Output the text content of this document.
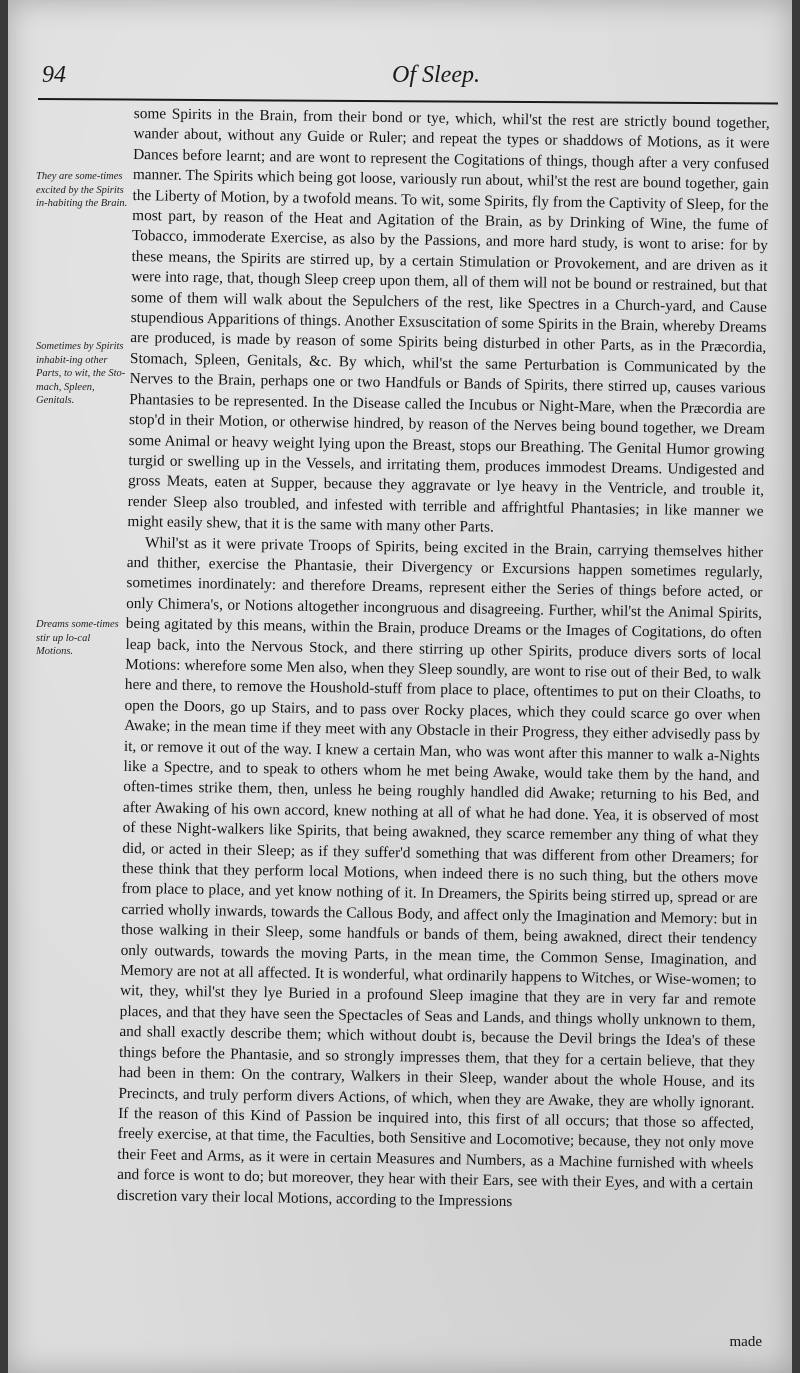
94	Of Sleep.
They are some-times excited by the Spirits in-habiting the Brain.
Sometimes by Spirits inhabit-ing other Parts, to wit, the Sto-mach, Spleen, Genitals.
Dreams some-times stir up lo-cal Motions.

some Spirits in the Brain, from their bond or tye, which, whil'st the rest are strictly bound together, wander about, without any Guide or Ruler; and repeat the types or shaddows of Motions, as it were Dances before learnt; and are wont to represent the Cogitations of things, though after a very confused manner. The Spirits which being got loose, variously run about, whil'st the rest are bound together, gain the Liberty of Motion, by a twofold means. To wit, some Spirits, fly from the Captivity of Sleep, for the most part, by reason of the Heat and Agitation of the Brain, as by Drinking of Wine, the fume of Tobacco, immoderate Exercise, as also by the Passions, and more hard study, is wont to arise: for by these means, the Spirits are stirred up, by a certain Stimulation or Provokement, and are driven as it were into rage, that, though Sleep creep upon them, all of them will not be bound or restrained, but that some of them will walk about the Sepulchers of the rest, like Spectres in a Church-yard, and Cause stupendious Apparitions of things. Another Exsuscitation of some Spirits in the Brain, whereby Dreams are produced, is made by reason of some Spirits being disturbed in other Parts, as in the Præcordia, Stomach, Spleen, Genitals, &c. By which, whil'st the same Perturbation is Communicated by the Nerves to the Brain, perhaps one or two Handfuls or Bands of Spirits, there stirred up, causes various Phantasies to be represented. In the Disease called the Incubus or Night-Mare, when the Præcordia are stop'd in their Motion, or otherwise hindred, by reason of the Nerves being bound together, we Dream some Animal or heavy weight lying upon the Breast, stops our Breathing. The Genital Humor growing turgid or swelling up in the Vessels, and irritating them, produces immodest Dreams. Undigested and gross Meats, eaten at Supper, because they aggravate or lye heavy in the Ventricle, and trouble it, render Sleep also troubled, and infested with terrible and affrightful Phantasies; in like manner we might easily shew, that it is the same with many other Parts.

Whil'st as it were private Troops of Spirits, being excited in the Brain, carrying themselves hither and thither, exercise the Phantasie, their Divergency or Excursions happen sometimes regularly, sometimes inordinately: and therefore Dreams, represent either the Series of things before acted, or only Chimera's, or Notions altogether incongruous and disagreeing. Further, whil'st the Animal Spirits, being agitated by this means, within the Brain, produce Dreams or the Images of Cogitations, do often leap back, into the Nervous Stock, and there stirring up other Spirits, produce divers sorts of local Motions: wherefore some Men also, when they Sleep soundly, are wont to rise out of their Bed, to walk here and there, to remove the Houshold-stuff from place to place, oftentimes to put on their Cloaths, to open the Doors, go up Stairs, and to pass over Rocky places, which they could scarce go over when Awake; in the mean time if they meet with any Obstacle in their Progress, they either advisedly pass by it, or remove it out of the way. I knew a certain Man, who was wont after this manner to walk a-Nights like a Spectre, and to speak to others whom he met being Awake, would take them by the hand, and often-times strike them, then, unless he being roughly handled did Awake; returning to his Bed, and after Awaking of his own accord, knew nothing at all of what he had done. Yea, it is observed of most of these Night-walkers like Spirits, that being awakned, they scarce remember any thing of what they did, or acted in their Sleep; as if they suffer'd something that was different from other Dreamers; for these think that they perform local Motions, when indeed there is no such thing, but the others move from place to place, and yet know nothing of it. In Dreamers, the Spirits being stirred up, spread or are carried wholly inwards, towards the Callous Body, and affect only the Imagination and Memory: but in those walking in their Sleep, some handfuls or bands of them, being awakned, direct their tendency only outwards, towards the moving Parts, in the mean time, the Common Sense, Imagination, and Memory are not at all affected. It is wonderful, what ordinarily happens to Witches, or Wise-women; to wit, they, whil'st they lye Buried in a profound Sleep imagine that they are in very far and remote places, and that they have seen the Spectacles of Seas and Lands, and things wholly unknown to them, and shall exactly describe them; which without doubt is, because the Devil brings the Idea's of these things before the Phantasie, and so strongly impresses them, that they for a certain believe, that they had been in them: On the contrary, Walkers in their Sleep, wander about the whole House, and its Precincts, and truly perform divers Actions, of which, when they are Awake, they are wholly ignorant. If the reason of this Kind of Passion be inquired into, this first of all occurs; that those so affected, freely exercise, at that time, the Faculties, both Sensitive and Locomotive; because, they not only move their Feet and Arms, as it were in certain Measures and Numbers, as a Machine furnished with wheels and force is wont to do; but moreover, they hear with their Ears, see with their Eyes, and with a certain discretion vary their local Motions, according to the Impressions

made
